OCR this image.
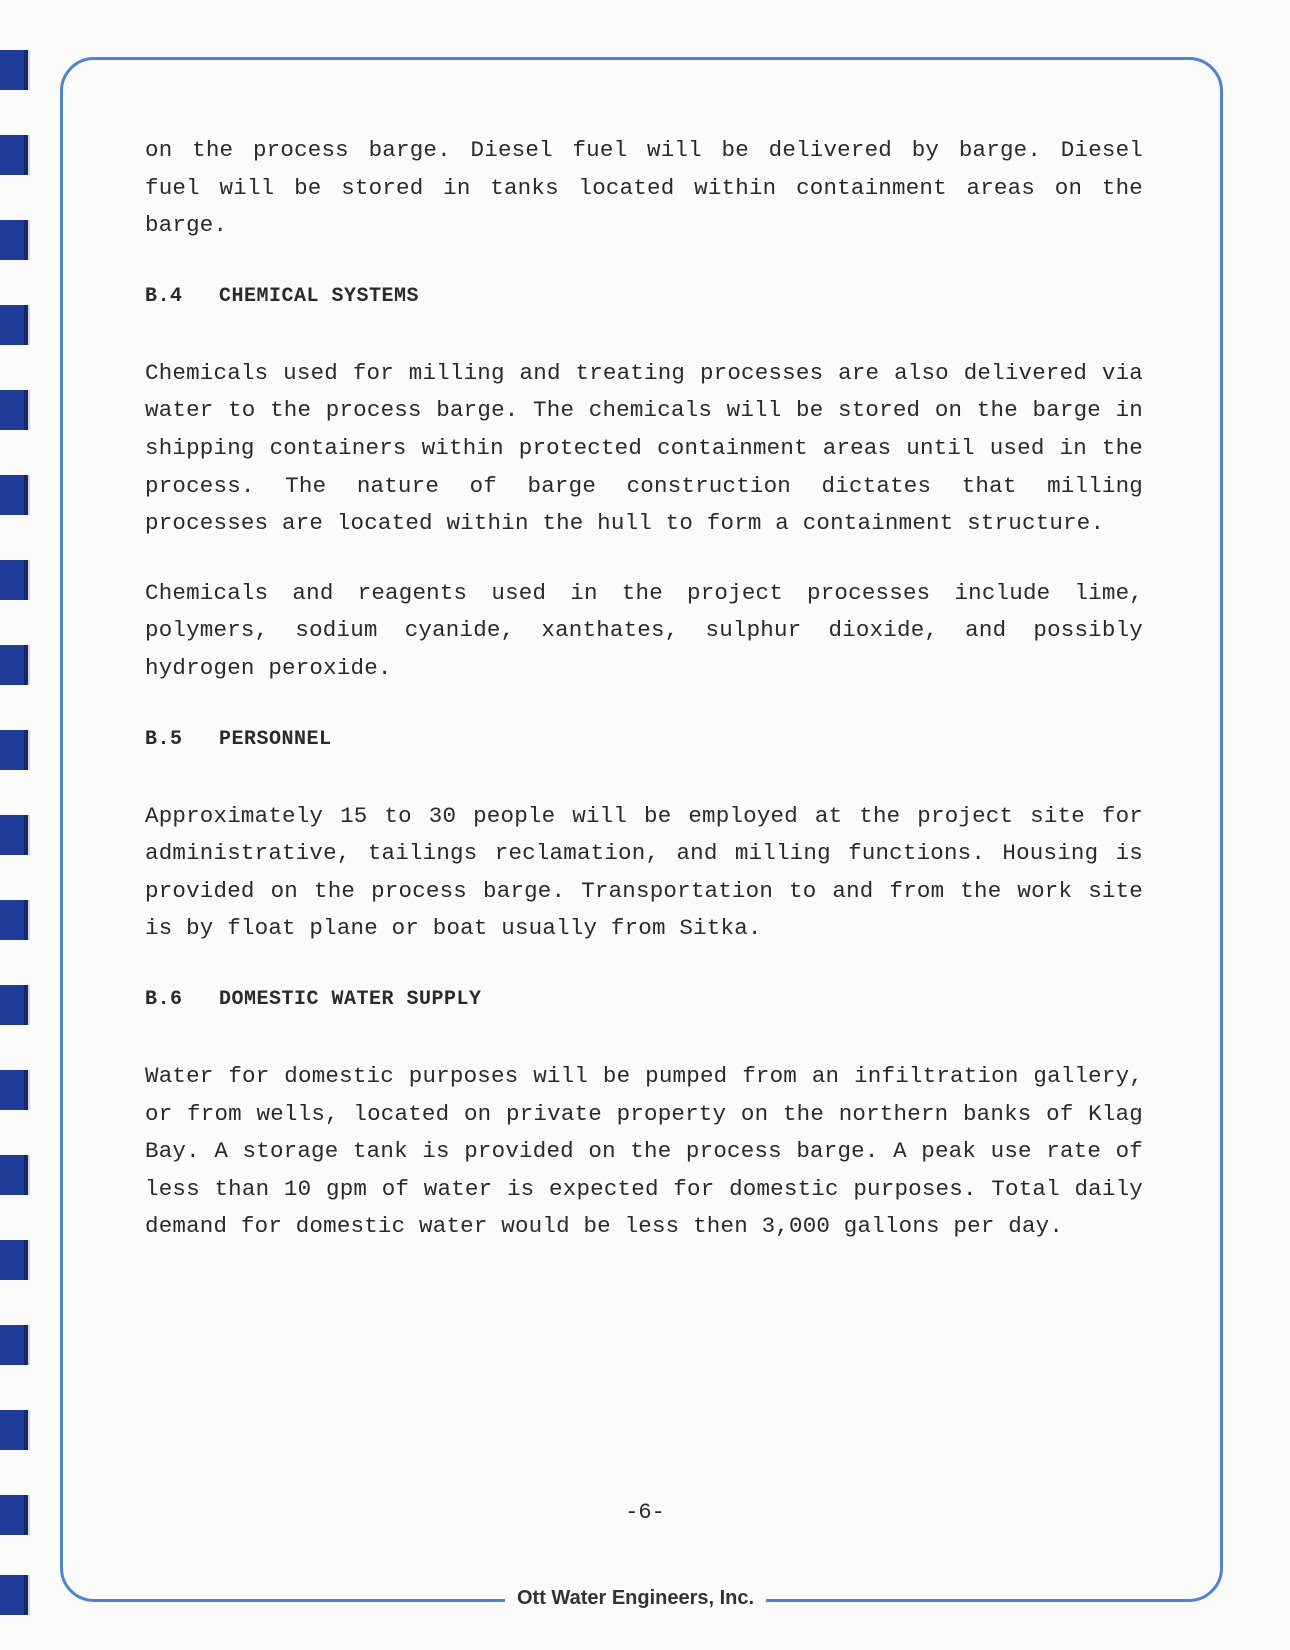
on the process barge. Diesel fuel will be delivered by barge. Diesel fuel will be stored in tanks located within containment areas on the barge.

B.4 CHEMICAL SYSTEMS

Chemicals used for milling and treating processes are also delivered via water to the process barge. The chemicals will be stored on the barge in shipping containers within protected containment areas until used in the process. The nature of barge construction dictates that milling processes are located within the hull to form a containment structure.

Chemicals and reagents used in the project processes include lime, polymers, sodium cyanide, xanthates, sulphur dioxide, and possibly hydrogen peroxide.

B.5 PERSONNEL

Approximately 15 to 30 people will be employed at the project site for administrative, tailings reclamation, and milling functions. Housing is provided on the process barge. Transportation to and from the work site is by float plane or boat usually from Sitka.

B.6 DOMESTIC WATER SUPPLY

Water for domestic purposes will be pumped from an infiltration gallery, or from wells, located on private property on the northern banks of Klag Bay. A storage tank is provided on the process barge. A peak use rate of less than 10 gpm of water is expected for domestic purposes. Total daily demand for domestic water would be less then 3,000 gallons per day.

-6-
Ott Water Engineers, Inc.
